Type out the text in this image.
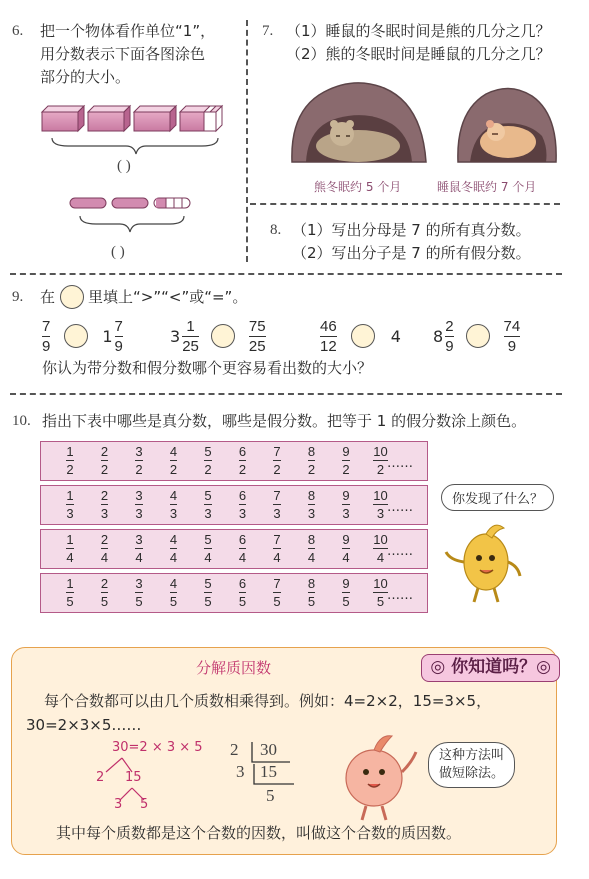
6. 把一个物体看作单位“1”，
用分数表示下面各图涂色
部分的大小。
( )
( )
7. （1）睡鼠的冬眠时间是熊的几分之几？
（2）熊的冬眠时间是睡鼠的几分之几？
熊冬眠约 5 个月	睡鼠冬眠约 7 个月
8. （1）写出分母是 7 的所有真分数。
（2）写出分子是 7 的所有假分数。
9. 在 里填上“>”“<”或“=”。
$\frac{7}{9}$	$1 \frac{7}{9}$	$3 \frac{1}{25}$	$\frac{75}{25}$	$\frac{46}{12}$	4 $8 \frac{2}{9}$	$\frac{74}{9}$
你认为带分数和假分数哪个更容易看出数的大小？
10. 指出下表中哪些是真分数，哪些是假分数。把等于 1 的假分数涂上颜色。
$\frac{1}{2} \frac{2}{2} \frac{3}{2} \frac{4}{2} \frac{5}{2} \frac{6}{2} \frac{7}{2} \frac{8}{2} \frac{9}{2} \frac{10}{2}$ ……
$\frac{1}{3} \frac{2}{3} \frac{3}{3} \frac{4}{3} \frac{5}{3} \frac{6}{3} \frac{7}{3} \frac{8}{3} \frac{9}{3} \frac{10}{3}$ ……
$\frac{1}{4} \frac{2}{4} \frac{3}{4} \frac{4}{4} \frac{5}{4} \frac{6}{4} \frac{7}{4} \frac{8}{4} \frac{9}{4} \frac{10}{4}$ ……
$\frac{1}{5} \frac{2}{5} \frac{3}{5} \frac{4}{5} \frac{5}{5} \frac{6}{5} \frac{7}{5} \frac{8}{5} \frac{9}{5} \frac{10}{5}$ ……
你发现了什么？
◎ 你知道吗？◎
分解质因数
每个合数都可以由几个质数相乘得到。例如：4=2×2，15=3×5，
30=2×3×5……
30=2 × 3 × 5
2 15
3 5
2 30
3 15
5
这种方法叫
做短除法。
其中每个质数都是这个合数的因数，叫做这个合数的质因数。
